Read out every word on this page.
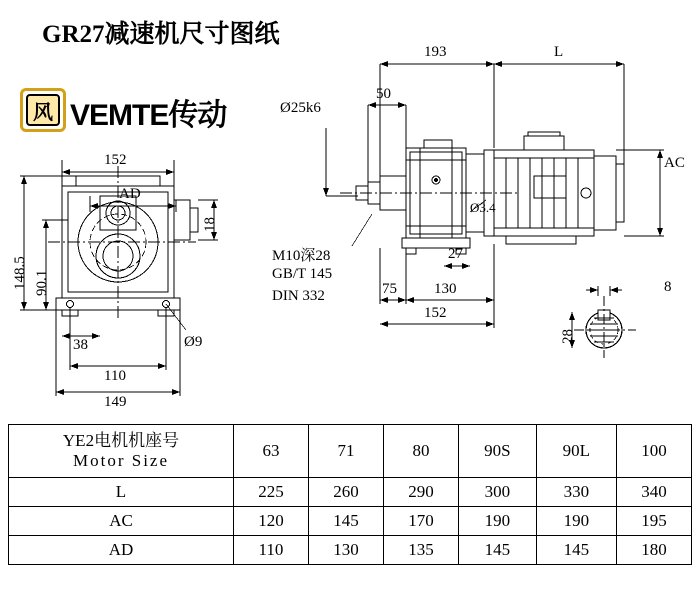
GR27减速机尺寸图纸
风 VEMTE传动
193	L
50
Ø25k6
AC
Ø3.4
27
75 130
152
M10深28
GB/T 145
DIN 332
152
AD
148.5 90.1
18
38	Ø9
110
149
8
28
YE2电机机座号
Motor Size	63	71	80	90S	90L	100
L	225	260	290	300	330	340
AC	120	145	170	190	190	195
AD	110	130	135	145	145	180
